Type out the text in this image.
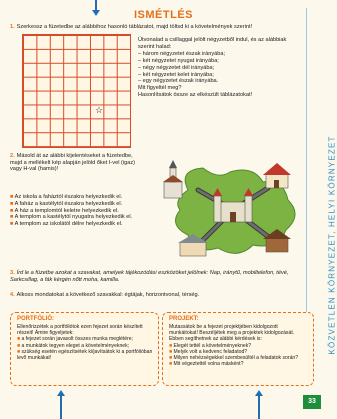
ISMÉTLÉS
KÖZVETLEN KÖRNYEZET, HELYI KÖRNYEZET
1. Szerkessz a füzetedbe az alábbihoz hasonló táblázatot, majd töltsd ki a követelmények szerint!
☆
Útvonalad a csillaggal jelölt négyzetből indul, és az alábbiak szerint halad:
– három négyzetet észak irányába;
– két négyzetet nyugat irányába;
– négy négyzetet dél irányába;
– két négyzetet kelet irányába;
– egy négyzetet észak irányába.
Mit figyeltél meg?
Hasonlítsátok össze az elkészült táblázatokat!
2. Másold át az alábbi kijelentéseket a füzetedbe, majd a mellékelt kép alapján jelöld őket I-vel (igaz) vagy H-val (hamis)!
■ Az iskola a faháztól északra helyezkedik el.
■ A faház a kastélytól északra helyezkedik el.
■ A ház a templomtól keletre helyezkedik el.
■ A templom a kastélytól nyugatra helyezkedik el.
■ A templom az iskolától délre helyezkedik el.
3. Írd le a füzetbe azokat a szavakat, amelyek tájékozódási eszközöket jelölnek: Nap, iránytű, mobiltelefon, tévé, Sarkcsillag, a fák kérgén nőtt moha, kamilla.
4. Alkoss mondatokat a következő szavakkal: égtájak, horizontvonal, térség.
PORTFÓLIÓ:
Ellenőrizzétek a portfóliótok ezen fejezet során készített részeit! Ámire figyeljetek:
■ a fejezet során javasolt összes munka meglétére;
■ a munkátok tegyen eleget a követelményeknek;
■ szükség esetén egészítsétek ki/javítsátok ki a portfólióban levő munkákat!
PROJEKT:
Mutassátok be a fejezet projektjében kidolgozott munkáitokat! Beszéljétek meg a projektek kidolgozását. Ebben segíthetnek az alábbi kérdések is:
■ Elegét tettél a követelményeknek?
■ Melyik volt a kedvenc feladatod?
■ Milyen nehézségekkel szembesültél a feladatok során?
■ Mit végeztettél volna másként?
33
